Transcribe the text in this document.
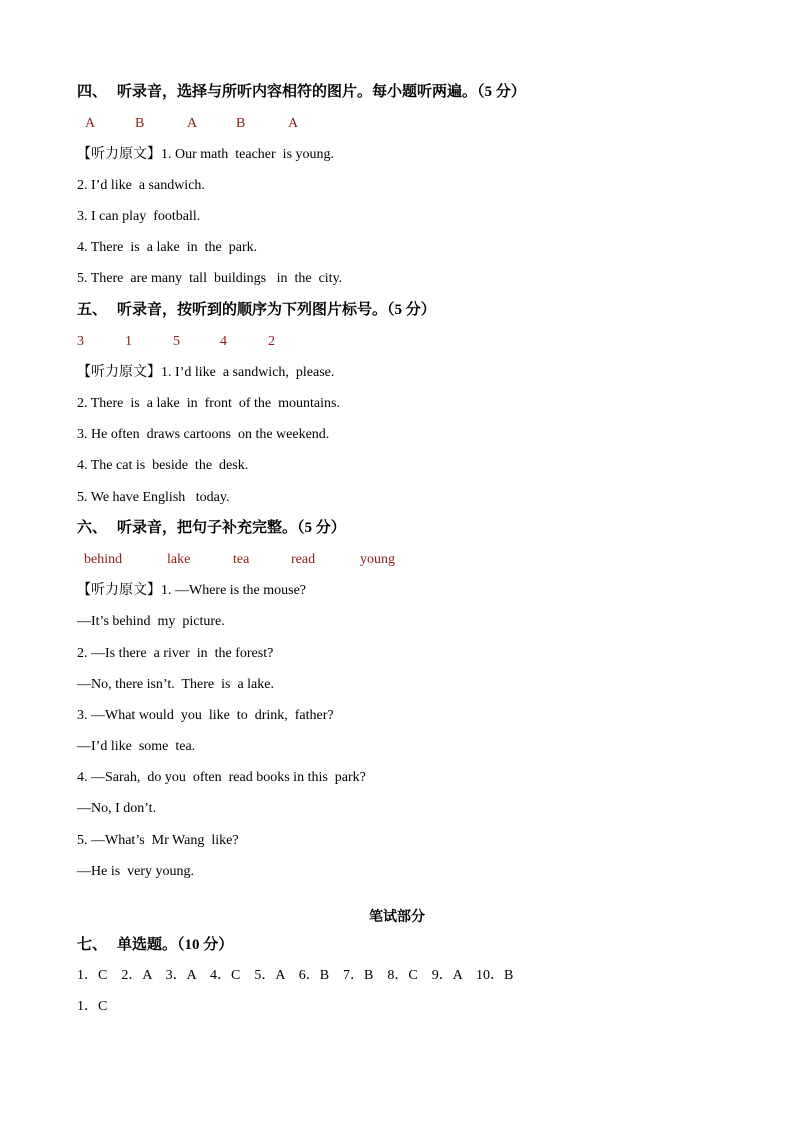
四、 听录音，选择与所听内容相符的图片。每小题听两遍。（5 分）
A	B	A	B	A
【听力原文】1. Our math  teacher  is young.
2. I’d like  a sandwich.
3. I can play  football.
4. There  is  a lake  in  the  park.
5. There  are many  tall  buildings   in  the  city.
五、 听录音，按听到的顺序为下列图片标号。（5 分）
3	1	5	4	2
【听力原文】1. I’d like  a sandwich,  please.
2. There  is  a lake  in  front  of the  mountains.
3. He often  draws cartoons  on the weekend.
4. The cat is  beside  the  desk.
5. We have English   today.
六、 听录音，把句子补充完整。（5 分）
behind	lake	tea	read	young
【听力原文】1. —Where is the mouse?
—It’s behind  my  picture.
2. —Is there  a river  in  the forest?
—No, there isn’t.  There  is  a lake.
3. —What would  you  like  to  drink,  father?
—I’d like  some  tea.
4. —Sarah,  do you  often  read books in this  park?
—No, I don’t.
5. —What’s  Mr Wang  like?
—He is  very young.
笔试部分
七、 单选题。（10 分）
1．C    2．A    3．A    4．C    5．A    6．B    7．B    8．C    9．A    10．B
1．C
